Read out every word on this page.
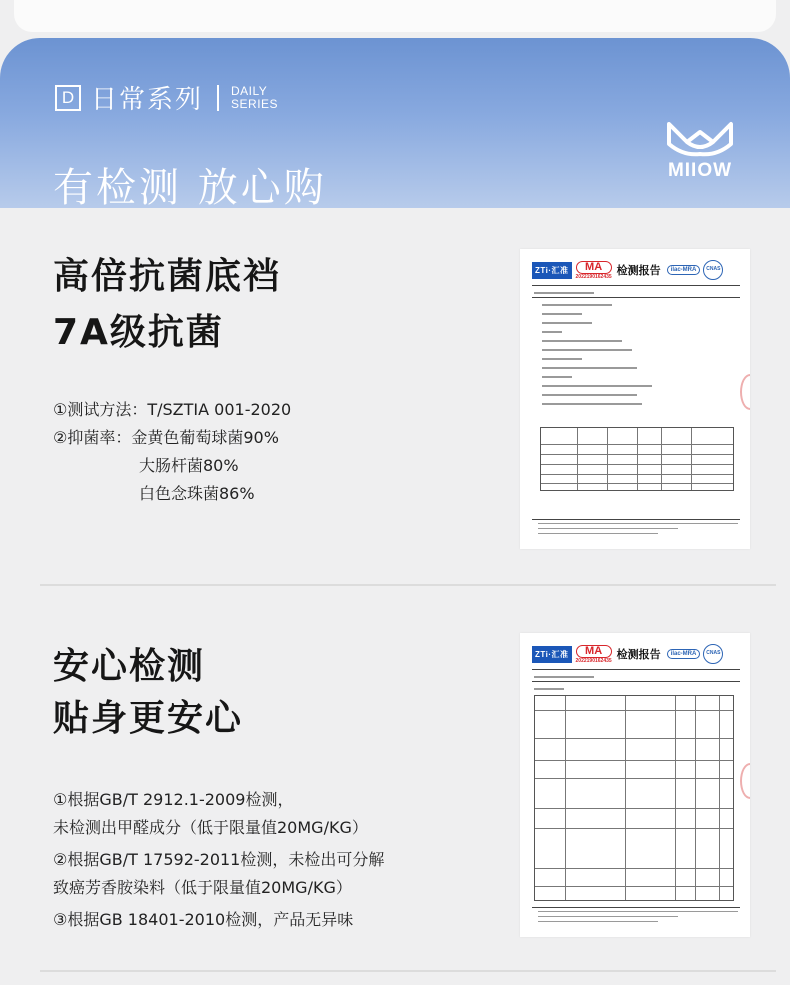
D 日常系列 DAILY
SERIES
有检测 放心购	MIIOW
高倍抗菌底裆
7A级抗菌
①测试方法：T/SZTIA 001-2020
②抑菌率：金黄色葡萄球菌90%
大肠杆菌80%
白色念珠菌86%
ZTi·汇准	MA
2022190162435 检测报告	ilac-MRA	CNAS
安心检测
贴身更安心
①根据GB/T 2912.1-2009检测，
未检测出甲醛成分（低于限量值20MG/KG）
②根据GB/T 17592-2011检测，未检出可分解
致癌芳香胺染料（低于限量值20MG/KG）
③根据GB 18401-2010检测，产品无异味
ZTi·汇准	MA
2022190162435 检测报告	ilac-MRA	CNAS
